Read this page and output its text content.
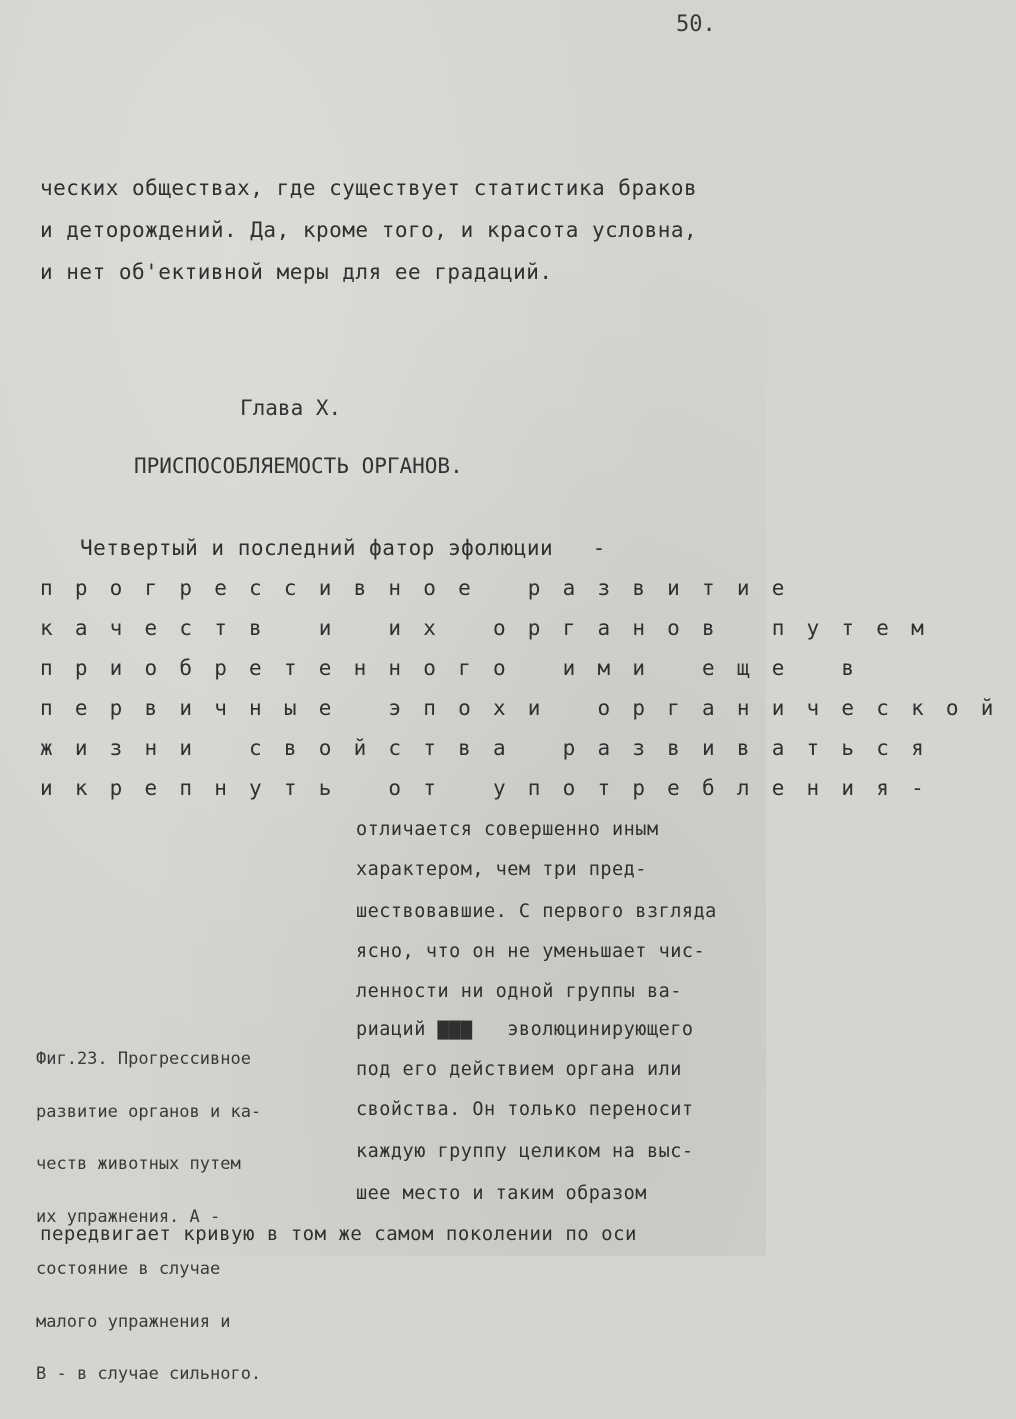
50.
ческих обществах, где существует статистика браков
и деторождений. Да, кроме того, и красота условна,
и нет об'ективной меры для ее градаций.
Глава X.
ПРИСПОСОБЛЯЕМОСТЬ ОРГАНОВ.
Четвертый и последний фатор эфолюции   -
прогрессивное развитие
качеств и их органов путем
приобретенного ими еще в
первичные эпохи органической
жизни свойства развиваться
икрепнуть от употребления-
отличается совершенно иным
характером, чем три пред-
шествовавшие. С первого взгляда
ясно, что он не уменьшает чис-
ленности ни одной группы ва-
риаций ▇▇▇   эволюцинирующего
под его действием органа или
свойства. Он только переносит
каждую группу целиком на выс-
шее место и таким образом

Фиг.23. Прогрессивное

развитие органов и ка-

честв животных путем

их упражнения. А -

состояние в случае

малого упражнения и

В - в случае сильного.

передвигает кривую в том же самом поколении по оси
